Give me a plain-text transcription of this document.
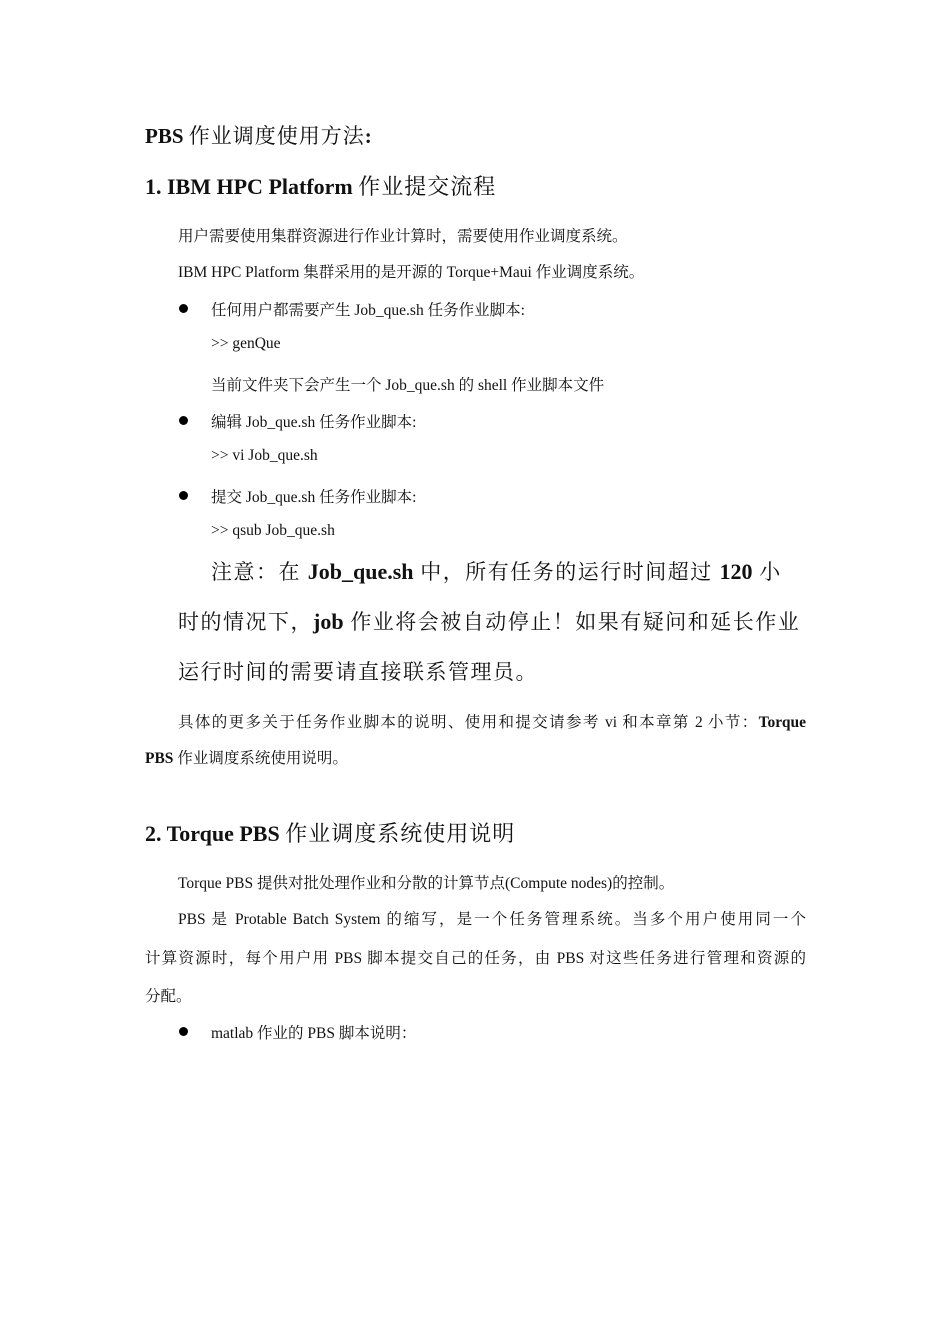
PBS 作业调度使用方法:
1. IBM HPC Platform 作业提交流程
用户需要使用集群资源进行作业计算时，需要使用作业调度系统。
IBM HPC Platform 集群采用的是开源的 Torque+Maui 作业调度系统。
任何用户都需要产生 Job_que.sh 任务作业脚本:
>> genQue
当前文件夹下会产生一个 Job_que.sh 的 shell 作业脚本文件
编辑 Job_que.sh 任务作业脚本:
>> vi Job_que.sh
提交 Job_que.sh 任务作业脚本:
>> qsub Job_que.sh
注意：在 Job_que.sh 中，所有任务的运行时间超过 120 小
时的情况下，job 作业将会被自动停止！如果有疑问和延长作业
运行时间的需要请直接联系管理员。
具体的更多关于任务作业脚本的说明、使用和提交请参考 vi 和本章第 2 小节：Torque
PBS 作业调度系统使用说明。
2. Torque PBS 作业调度系统使用说明
Torque PBS 提供对批处理作业和分散的计算节点(Compute nodes)的控制。
PBS 是 Protable Batch System 的缩写，是一个任务管理系统。当多个用户使用同一个
计算资源时，每个用户用 PBS 脚本提交自己的任务，由 PBS 对这些任务进行管理和资源的
分配。
matlab 作业的 PBS 脚本说明：
